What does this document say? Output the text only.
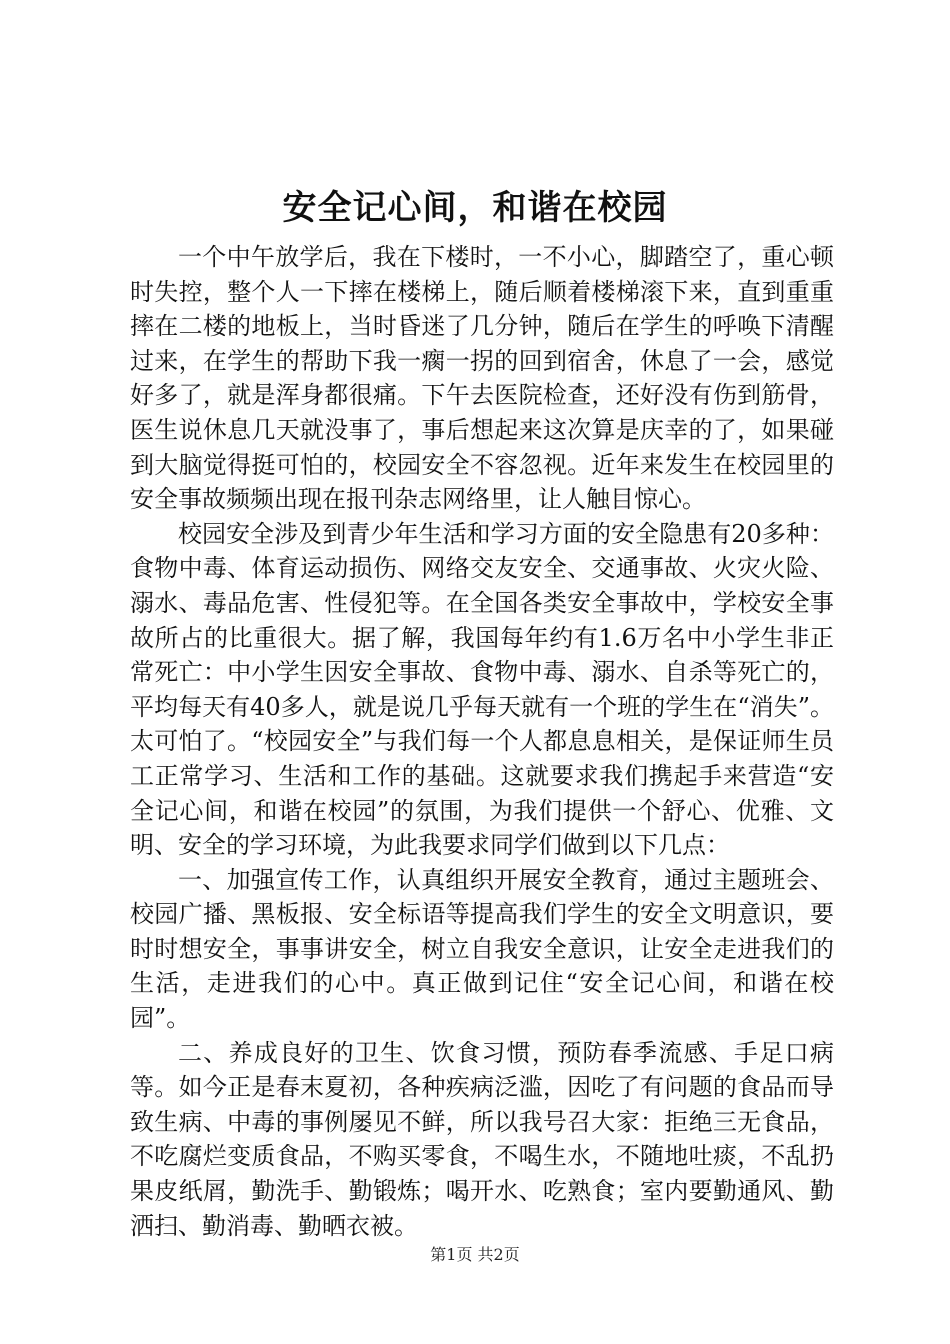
安全记心间，和谐在校园

一个中午放学后，我在下楼时，一不小心，脚踏空了，重心顿时失控，整个人一下摔在楼梯上，随后顺着楼梯滚下来，直到重重摔在二楼的地板上，当时昏迷了几分钟，随后在学生的呼唤下清醒过来，在学生的帮助下我一瘸一拐的回到宿舍，休息了一会，感觉好多了，就是浑身都很痛。下午去医院检查，还好没有伤到筋骨，医生说休息几天就没事了，事后想起来这次算是庆幸的了，如果碰到大脑觉得挺可怕的，校园安全不容忽视。近年来发生在校园里的安全事故频频出现在报刊杂志网络里，让人触目惊心。

校园安全涉及到青少年生活和学习方面的安全隐患有20多种：食物中毒、体育运动损伤、网络交友安全、交通事故、火灾火险、溺水、毒品危害、性侵犯等。在全国各类安全事故中，学校安全事故所占的比重很大。据了解，我国每年约有1.6万名中小学生非正常死亡：中小学生因安全事故、食物中毒、溺水、自杀等死亡的，平均每天有40多人，就是说几乎每天就有一个班的学生在“消失”。太可怕了。“校园安全”与我们每一个人都息息相关，是保证师生员工正常学习、生活和工作的基础。这就要求我们携起手来营造“安全记心间，和谐在校园”的氛围，为我们提供一个舒心、优雅、文明、安全的学习环境，为此我要求同学们做到以下几点：

一、加强宣传工作，认真组织开展安全教育，通过主题班会、校园广播、黑板报、安全标语等提高我们学生的安全文明意识，要时时想安全，事事讲安全，树立自我安全意识，让安全走进我们的生活，走进我们的心中。真正做到记住“安全记心间，和谐在校园”。

二、养成良好的卫生、饮食习惯，预防春季流感、手足口病等。如今正是春末夏初，各种疾病泛滥，因吃了有问题的食品而导致生病、中毒的事例屡见不鲜，所以我号召大家：拒绝三无食品，不吃腐烂变质食品，不购买零食，不喝生水，不随地吐痰，不乱扔果皮纸屑，勤洗手、勤锻炼；喝开水、吃熟食；室内要勤通风、勤洒扫、勤消毒、勤晒衣被。

第1页 共2页
